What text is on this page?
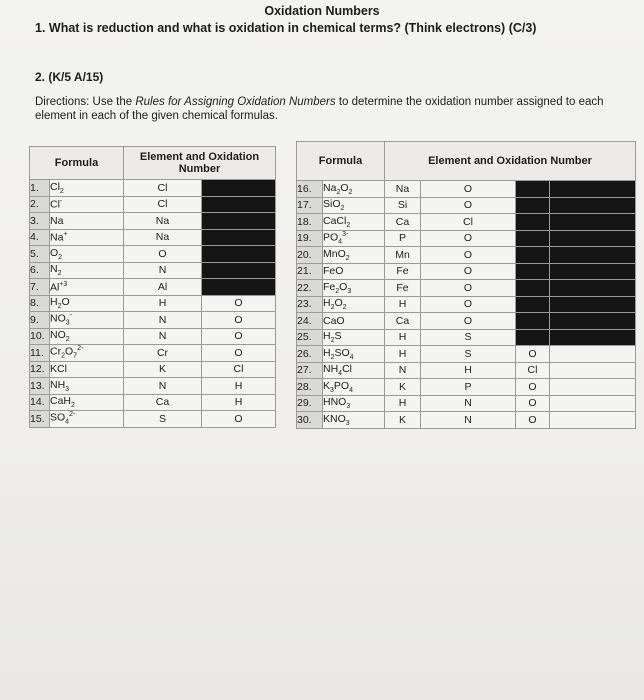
Oxidation Numbers
1. What is reduction and what is oxidation in chemical terms? (Think electrons) (C/3)
2. (K/5 A/15)
Directions: Use the Rules for Assigning Oxidation Numbers to determine the oxidation number assigned to each element in each of the given chemical formulas.
Formula		Element and Oxidation Number	
1.	$Cl_2$	Cl	
2.	Cl-	Cl	
3.	Na	Na	
4.	Na+	Na	
5.	$O_2$	O	
6.	$N_2$	N	
7.	$Al^{+3}$	Al	
8.	$H_2O$	H	O
9.	$NO_3^-$	N	O
10.	$NO_2$	N	O
11.	$Cr_2O_7^{2-}$	Cr	O
12.	KCl	K	Cl
13.	$NH_3$	N	H
14.	CaH$_2$	Ca	H
15.	$SO_4^{2-}$	S	O
Formula		Element and Oxidation Number			
16.	$Na_2O_2$	Na	O		
17.	SiO$_2$	Si	O		
18.	CaCl$_2$	Ca	Cl		
19.	$PO_4^{3-}$	P	O		
20.	MnO$_2$	Mn	O		
21.	FeO	Fe	O		
22.	$Fe_2O_3$	Fe	O		
23.	$H_2O_2$	H	O		
24.	CaO	Ca	O		
25.	$H_2S$	H	S		
26.	$H_2SO_4$	H	S	O	
27.	$NH_4Cl$	N	H	Cl	
28.	$K_3PO_4$	K	P	O	
29.	$HNO_3$	H	N	O	
30.	$KNO_3$	K	N	O	
